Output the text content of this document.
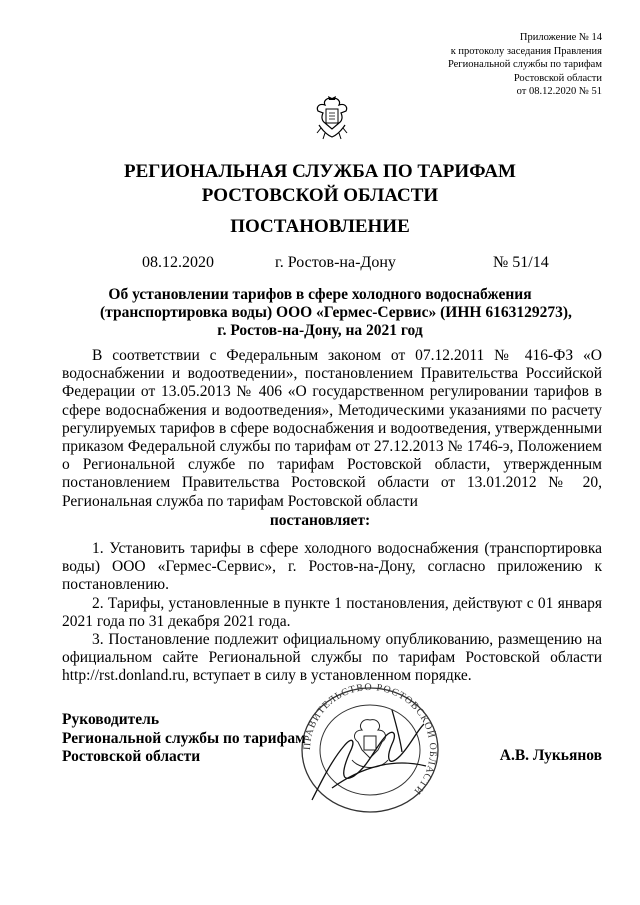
Приложение № 14
к протоколу заседания Правления
Региональной службы по тарифам
Ростовской области
от 08.12.2020 № 51
РЕГИОНАЛЬНАЯ СЛУЖБА ПО ТАРИФАМ
РОСТОВСКОЙ ОБЛАСТИ
ПОСТАНОВЛЕНИЕ
08.12.2020	г. Ростов-на-Дону	№ 51/14
Об установлении тарифов в сфере холодного водоснабжения
(транспортировка воды) ООО «Гермес-Сервис» (ИНН 6163129273),
г. Ростов-на-Дону, на 2021 год
В соответствии с Федеральным законом от 07.12.2011 № 416-ФЗ «О водоснабжении и водоотведении», постановлением Правительства Российской Федерации от 13.05.2013 № 406 «О государственном регулировании тарифов в сфере водоснабжения и водоотведения», Методическими указаниями по расчету регулируемых тарифов в сфере водоснабжения и водоотведения, утвержденными приказом Федеральной службы по тарифам от 27.12.2013 № 1746-э, Положением о Региональной службе по тарифам Ростовской области, утвержденным постановлением Правительства Ростовской области от 13.01.2012 № 20, Региональная служба по тарифам Ростовской области
постановляет:

1. Установить тарифы в сфере холодного водоснабжения (транспортировка воды) ООО «Гермес-Сервис», г. Ростов-на-Дону, согласно приложению к постановлению.

2. Тарифы, установленные в пункте 1 постановления, действуют с 01 января 2021 года по 31 декабря 2021 года.

3. Постановление подлежит официальному опубликованию, размещению на официальном сайте Региональной службы по тарифам Ростовской области http://rst.donland.ru, вступает в силу в установленном порядке.

ПРАВИТЕЛЬСТВО РОСТОВСКОЙ ОБЛАСТИ
Руководитель
Региональной службы по тарифам
Ростовской области	А.В. Лукьянов
